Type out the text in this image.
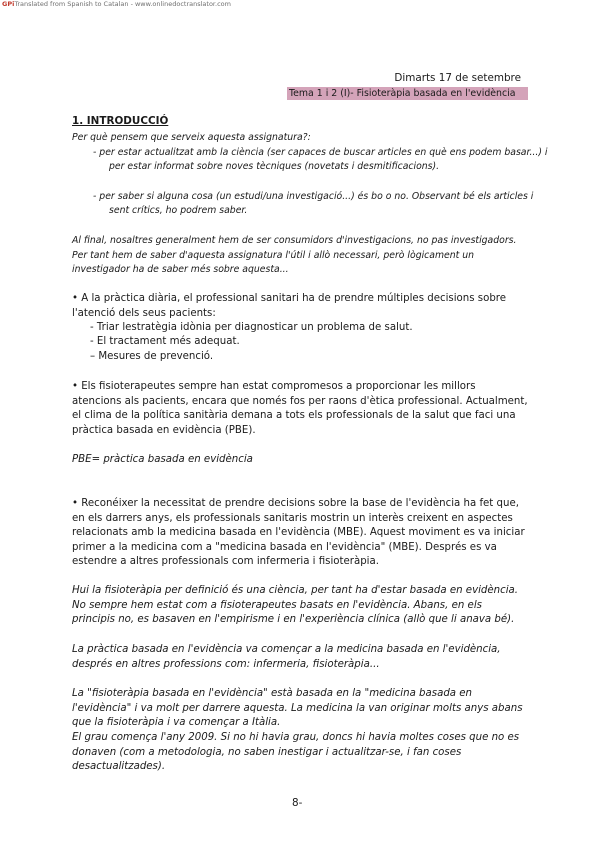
GPiTranslated from Spanish to Catalan - www.onlinedoctranslator.com
Dimarts 17 de setembre
Tema 1 i 2 (I)- Fisioteràpia basada en l'evidència
1. INTRODUCCIÓ
Per què pensem que serveix aquesta assignatura?:
- per estar actualitzat amb la ciència (ser capaces de buscar articles en què ens podem basar...) i per estar informat sobre noves tècniques (novetats i desmitificacions).
- per saber si alguna cosa (un estudi/una investigació...) és bo o no. Observant bé els articles i sent crítics, ho podrem saber.
Al final, nosaltres generalment hem de ser consumidors d'investigacions, no pas investigadors. Per tant hem de saber d'aquesta assignatura l'útil i allò necessari, però lògicament un investigador ha de saber més sobre aquesta...
• A la pràctica diària, el professional sanitari ha de prendre múltiples decisions sobre l'atenció dels seus pacients:
- Triar lestratègia idònia per diagnosticar un problema de salut.
- El tractament més adequat.
– Mesures de prevenció.
• Els fisioterapeutes sempre han estat compromesos a proporcionar les millors atencions als pacients, encara que només fos per raons d'ètica professional. Actualment, el clima de la política sanitària demana a tots els professionals de la salut que faci una pràctica basada en evidència (PBE).
PBE= pràctica basada en evidència
• Reconéixer la necessitat de prendre decisions sobre la base de l'evidència ha fet que, en els darrers anys, els professionals sanitaris mostrin un interès creixent en aspectes relacionats amb la medicina basada en l'evidència (MBE). Aquest moviment es va iniciar primer a la medicina com a "medicina basada en l'evidència" (MBE). Després es va estendre a altres professionals com infermeria i fisioteràpia.
Hui la fisioteràpia per definició és una ciència, per tant ha d'estar basada en evidència. No sempre hem estat com a fisioterapeutes basats en l'evidència. Abans, en els principis no, es basaven en l'empirisme i en l'experiència clínica (allò que li anava bé).
La pràctica basada en l'evidència va començar a la medicina basada en l'evidència, després en altres professions com: infermeria, fisioteràpia...
La "fisioteràpia basada en l'evidència" està basada en la "medicina basada en l'evidència" i va molt per darrere aquesta. La medicina la van originar molts anys abans que la fisioteràpia i va començar a Itàlia.
El grau comença l'any 2009. Si no hi havia grau, doncs hi havia moltes coses que no es donaven (com a metodologia, no saben inestigar i actualitzar-se, i fan coses desactualitzades).
8-
